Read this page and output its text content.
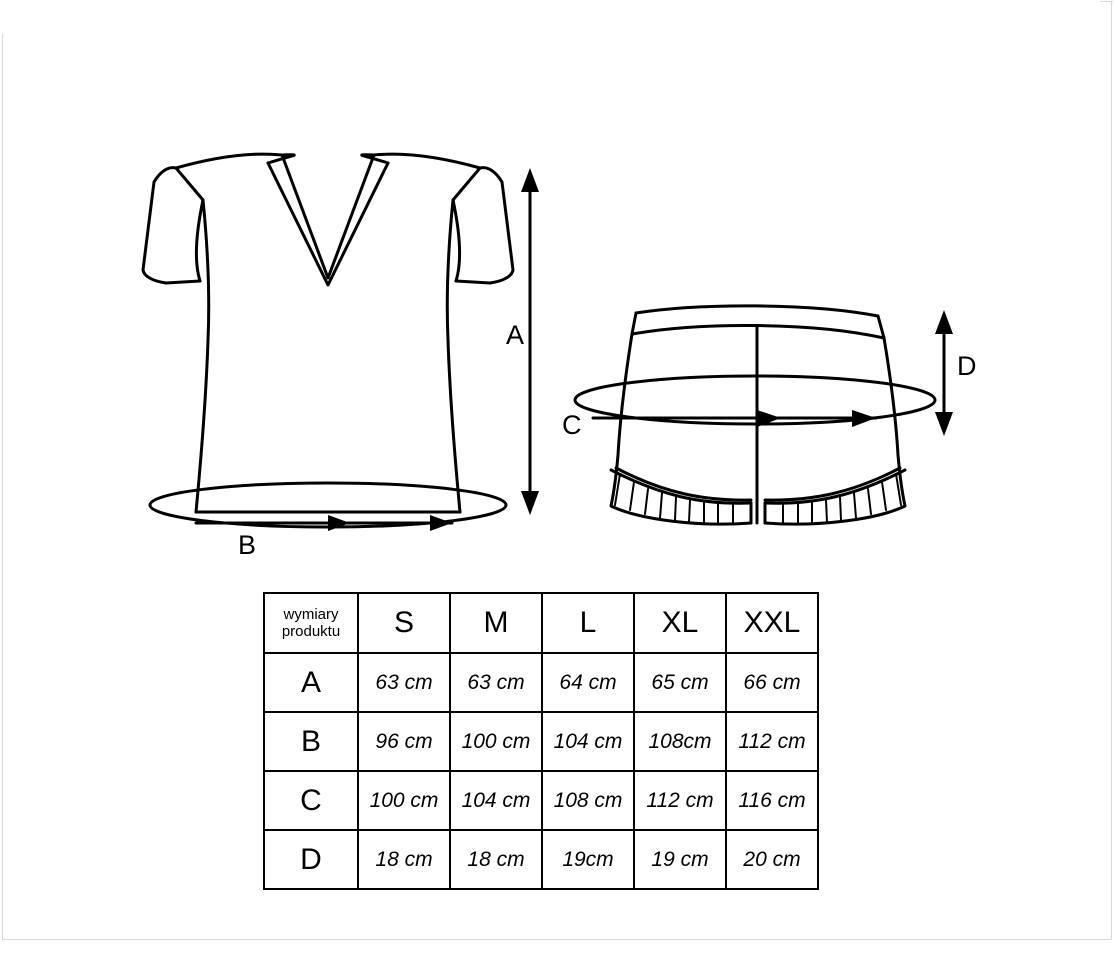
A
B
C
D
wymiary
produktu	S	M	L	XL	XXL
A	63 cm	63 cm	64 cm	65 cm	66 cm
B	96 cm	100 cm	104 cm	108cm	112 cm
C	100 cm	104 cm	108 cm	112 cm	116 cm
D	18 cm	18 cm	19cm	19 cm	20 cm
